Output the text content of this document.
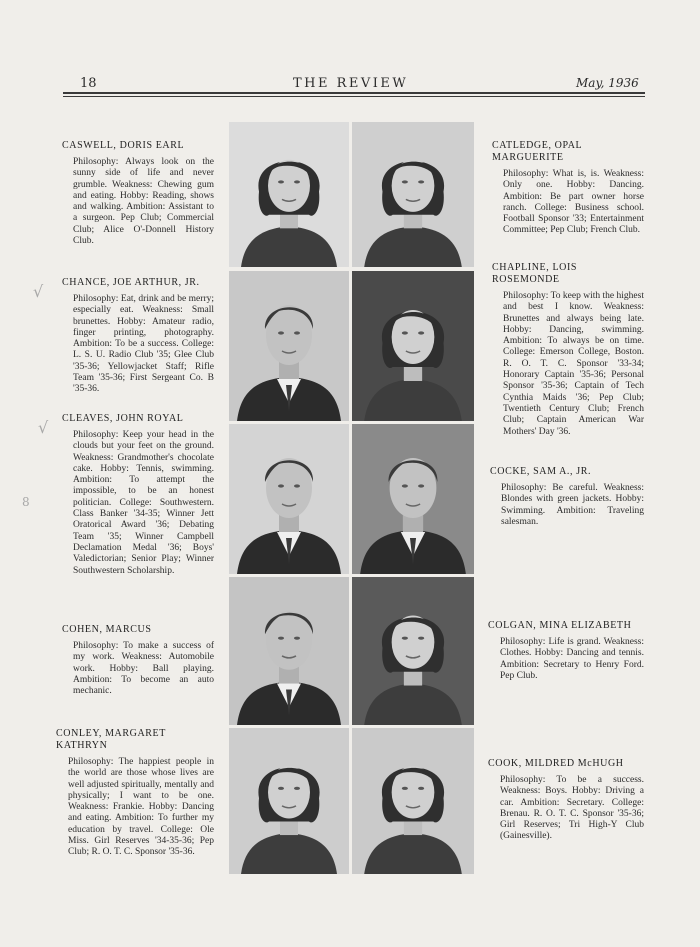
18	THE REVIEW	May, 1936
CASWELL, DORIS EARL
Philosophy: Always look on the sunny side of life and never grumble. Weakness: Chewing gum and eating. Hobby: Reading, shows and walking. Ambition: Assistant to a surgeon. Pep Club; Commercial Club; Alice O'-Donnell History Club.
CHANCE, JOE ARTHUR, JR.
Philosophy: Eat, drink and be merry; especially eat. Weakness: Small brunettes. Hobby: Amateur radio, finger printing, photography. Ambition: To be a success. College: L. S. U. Radio Club '35; Glee Club '35-36; Yellowjacket Staff; Rifle Team '35-36; First Sergeant Co. B '35-36.
CLEAVES, JOHN ROYAL
Philosophy: Keep your head in the clouds but your feet on the ground. Weakness: Grandmother's chocolate cake. Hobby: Tennis, swimming. Ambition: To attempt the impossible, to be an honest politician. College: Southwestern. Class Banker '34-35; Winner Jett Oratorical Award '36; Debating Team '35; Winner Campbell Declamation Medal '36; Boys' Valedictorian; Senior Play; Winner Southwestern Scholarship.
COHEN, MARCUS
Philosophy: To make a success of my work. Weakness: Automobile work. Hobby: Ball playing. Ambition: To become an auto mechanic.
CONLEY, MARGARET KATHRYN
Philosophy: The happiest people in the world are those whose lives are well adjusted spiritually, mentally and physically; I want to be one. Weakness: Frankie. Hobby: Dancing and eating. Ambition: To further my education by travel. College: Ole Miss. Girl Reserves '34-35-36; Pep Club; R. O. T. C. Sponsor '35-36.
CATLEDGE, OPAL MARGUERITE
Philosophy: What is, is. Weakness: Only one. Hobby: Dancing. Ambition: Be part owner horse ranch. College: Business school. Football Sponsor '33; Entertainment Committee; Pep Club; French Club.
CHAPLINE, LOIS ROSEMONDE
Philosophy: To keep with the highest and best I know. Weakness: Brunettes and always being late. Hobby: Dancing, swimming. Ambition: To always be on time. College: Emerson College, Boston. R. O. T. C. Sponsor '33-34; Honorary Captain '35-36; Personal Sponsor '35-36; Captain of Tech Cynthia Maids '36; Pep Club; Twentieth Century Club; French Club; Captain American War Mothers' Day '36.
COCKE, SAM A., JR.
Philosophy: Be careful. Weakness: Blondes with green jackets. Hobby: Swimming. Ambition: Traveling salesman.
COLGAN, MINA ELIZABETH
Philosophy: Life is grand. Weakness: Clothes. Hobby: Dancing and tennis. Ambition: Secretary to Henry Ford. Pep Club.
COOK, MILDRED McHUGH
Philosophy: To be a success. Weakness: Boys. Hobby: Driving a car. Ambition: Secretary. College: Brenau. R. O. T. C. Sponsor '35-36; Girl Reserves; Tri High-Y Club (Gainesville).
√
√
8
